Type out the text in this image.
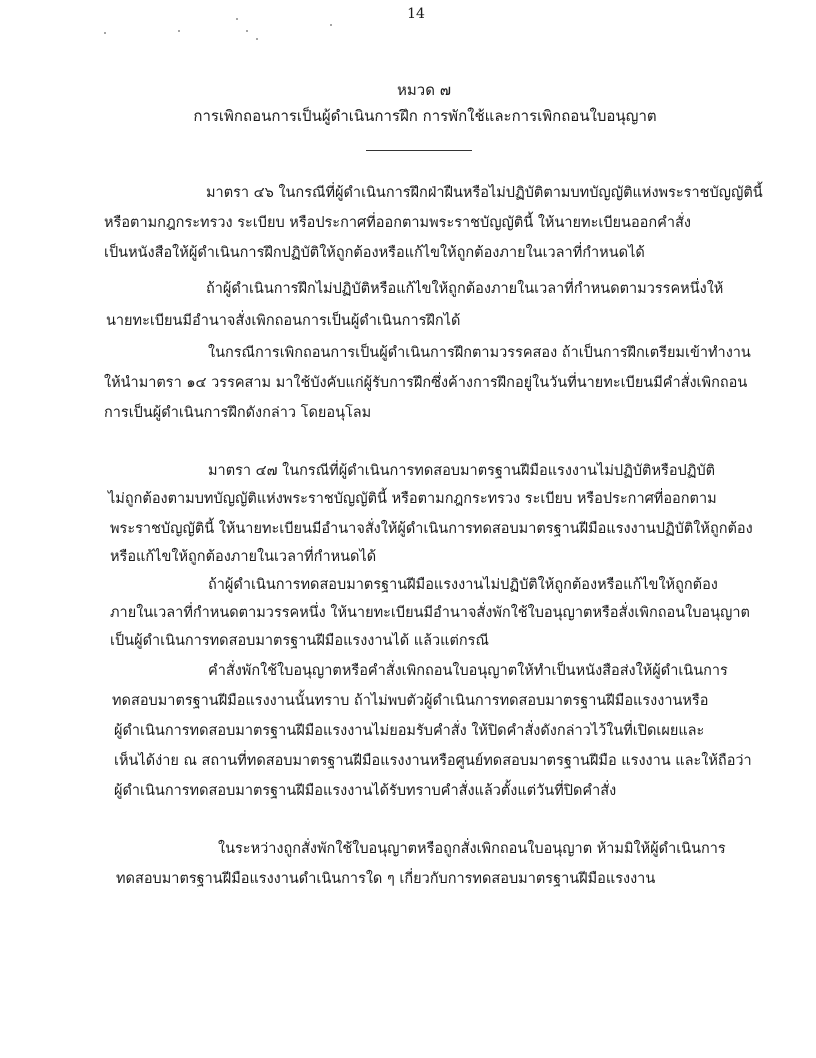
14
หมวด ๗
การเพิกถอนการเป็นผู้ดำเนินการฝึก การพักใช้และการเพิกถอนใบอนุญาต
มาตรา ๔๖ ในกรณีที่ผู้ดำเนินการฝึกฝ่าฝืนหรือไม่ปฏิบัติตามบทบัญญัติแห่งพระราชบัญญัตินี้
หรือตามกฎกระทรวง ระเบียบ หรือประกาศที่ออกตามพระราชบัญญัตินี้ ให้นายทะเบียนออกคำสั่ง
เป็นหนังสือให้ผู้ดำเนินการฝึกปฏิบัติให้ถูกต้องหรือแก้ไขให้ถูกต้องภายในเวลาที่กำหนดได้
ถ้าผู้ดำเนินการฝึกไม่ปฏิบัติหรือแก้ไขให้ถูกต้องภายในเวลาที่กำหนดตามวรรคหนึ่งให้
นายทะเบียนมีอำนาจสั่งเพิกถอนการเป็นผู้ดำเนินการฝึกได้
ในกรณีการเพิกถอนการเป็นผู้ดำเนินการฝึกตามวรรคสอง ถ้าเป็นการฝึกเตรียมเข้าทำงาน
ให้นำมาตรา ๑๔ วรรคสาม มาใช้บังคับแก่ผู้รับการฝึกซึ่งค้างการฝึกอยู่ในวันที่นายทะเบียนมีคำสั่งเพิกถอน
การเป็นผู้ดำเนินการฝึกดังกล่าว โดยอนุโลม
มาตรา ๔๗ ในกรณีที่ผู้ดำเนินการทดสอบมาตรฐานฝีมือแรงงานไม่ปฏิบัติหรือปฏิบัติ
ไม่ถูกต้องตามบทบัญญัติแห่งพระราชบัญญัตินี้ หรือตามกฎกระทรวง ระเบียบ หรือประกาศที่ออกตาม
พระราชบัญญัตินี้ ให้นายทะเบียนมีอำนาจสั่งให้ผู้ดำเนินการทดสอบมาตรฐานฝีมือแรงงานปฏิบัติให้ถูกต้อง
หรือแก้ไขให้ถูกต้องภายในเวลาที่กำหนดได้
ถ้าผู้ดำเนินการทดสอบมาตรฐานฝีมือแรงงานไม่ปฏิบัติให้ถูกต้องหรือแก้ไขให้ถูกต้อง
ภายในเวลาที่กำหนดตามวรรคหนึ่ง ให้นายทะเบียนมีอำนาจสั่งพักใช้ใบอนุญาตหรือสั่งเพิกถอนใบอนุญาต
เป็นผู้ดำเนินการทดสอบมาตรฐานฝีมือแรงงานได้ แล้วแต่กรณี
คำสั่งพักใช้ใบอนุญาตหรือคำสั่งเพิกถอนใบอนุญาตให้ทำเป็นหนังสือส่งให้ผู้ดำเนินการ
ทดสอบมาตรฐานฝีมือแรงงานนั้นทราบ ถ้าไม่พบตัวผู้ดำเนินการทดสอบมาตรฐานฝีมือแรงงานหรือ
ผู้ดำเนินการทดสอบมาตรฐานฝีมือแรงงานไม่ยอมรับคำสั่ง ให้ปิดคำสั่งดังกล่าวไว้ในที่เปิดเผยและ
เห็นได้ง่าย ณ สถานที่ทดสอบมาตรฐานฝีมือแรงงานหรือศูนย์ทดสอบมาตรฐานฝีมือ แรงงาน และให้ถือว่า
ผู้ดำเนินการทดสอบมาตรฐานฝีมือแรงงานได้รับทราบคำสั่งแล้วตั้งแต่วันที่ปิดคำสั่ง
ในระหว่างถูกสั่งพักใช้ใบอนุญาตหรือถูกสั่งเพิกถอนใบอนุญาต ห้ามมิให้ผู้ดำเนินการ
ทดสอบมาตรฐานฝีมือแรงงานดำเนินการใด ๆ เกี่ยวกับการทดสอบมาตรฐานฝีมือแรงงาน
